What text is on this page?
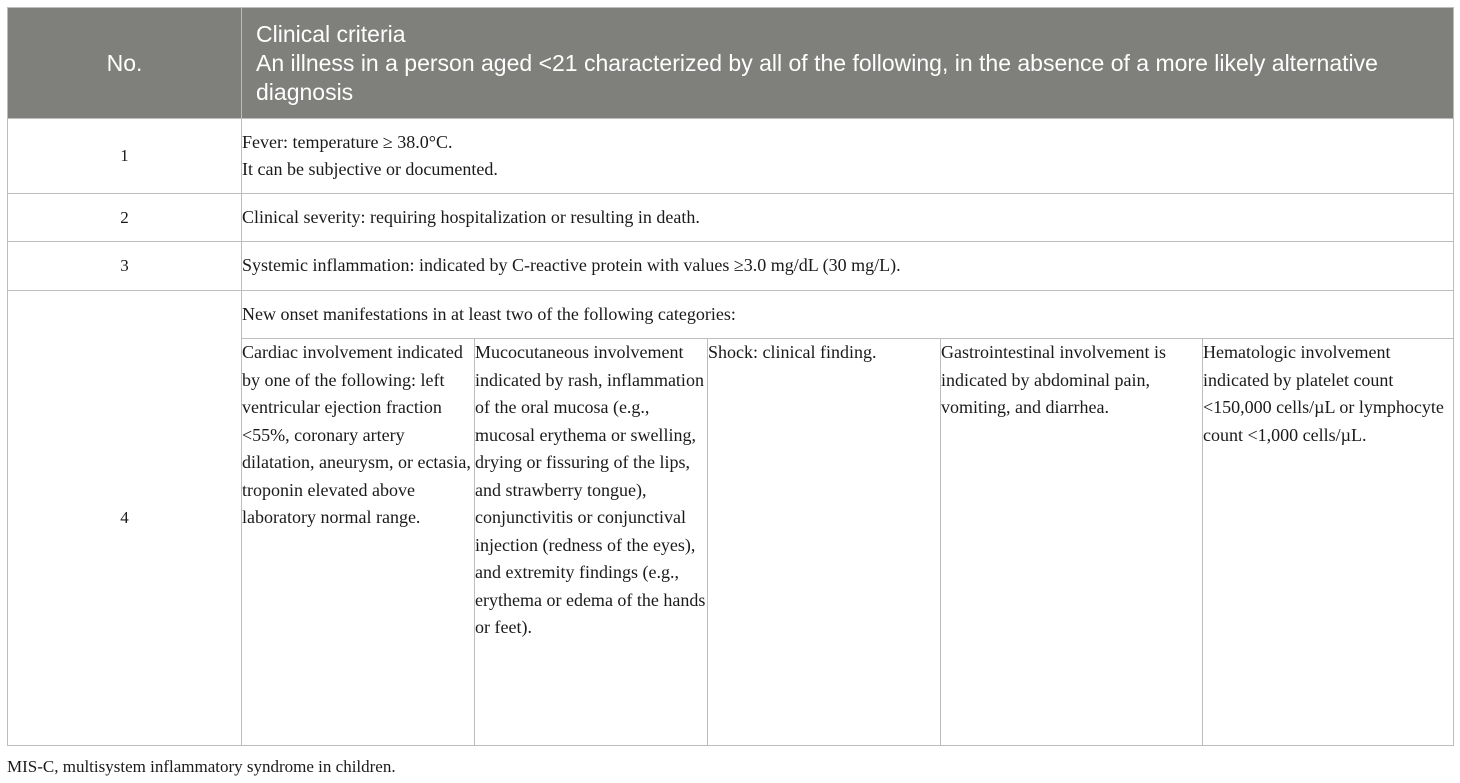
No.	Clinical criteria
An illness in a person aged <21 characterized by all of the following, in the absence of a more likely alternative diagnosis				

1	Fever: temperature ≥ 38.0°C.
It can be subjective or documented.				

2	Clinical severity: requiring hospitalization or resulting in death.				
3	Systemic inflammation: indicated by C-reactive protein with values ≥3.0 mg/dL (30 mg/L).				
4	New onset manifestations in at least two of the following categories:				
	Cardiac involvement indicated by one of the following: left ventricular ejection fraction <55%, coronary artery dilatation, aneurysm, or ectasia, troponin elevated above laboratory normal range.	Mucocutaneous involvement indicated by rash, inflammation of the oral mucosa (e.g., mucosal erythema or swelling, drying or fissuring of the lips, and strawberry tongue), conjunctivitis or conjunctival injection (redness of the eyes), and extremity findings (e.g., erythema or edema of the hands or feet).	Shock: clinical finding.	Gastrointestinal involvement is indicated by abdominal pain, vomiting, and diarrhea.	Hematologic involvement indicated by platelet count <150,000 cells/µL or lymphocyte count <1,000 cells/µL.
MIS-C, multisystem inflammatory syndrome in children.
